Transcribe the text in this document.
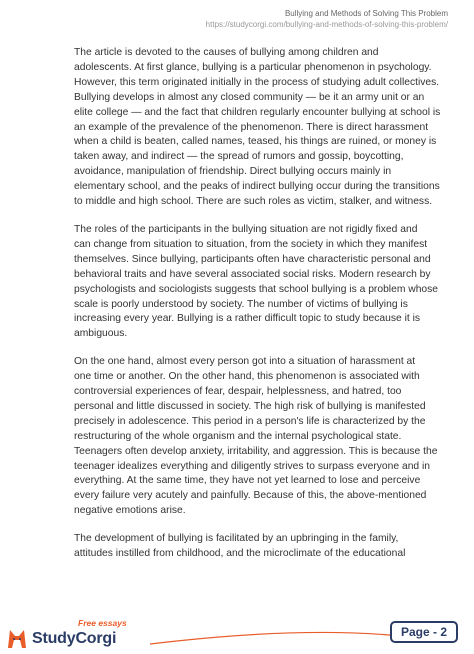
Bullying and Methods of Solving This Problem
https://studycorgi.com/bullying-and-methods-of-solving-this-problem/

The article is devoted to the causes of bullying among children and
adolescents. At first glance, bullying is a particular phenomenon in psychology.
However, this term originated initially in the process of studying adult collectives.
Bullying develops in almost any closed community — be it an army unit or an
elite college — and the fact that children regularly encounter bullying at school is
an example of the prevalence of the phenomenon. There is direct harassment
when a child is beaten, called names, teased, his things are ruined, or money is
taken away, and indirect — the spread of rumors and gossip, boycotting,
avoidance, manipulation of friendship. Direct bullying occurs mainly in
elementary school, and the peaks of indirect bullying occur during the transitions
to middle and high school. There are such roles as victim, stalker, and witness.

The roles of the participants in the bullying situation are not rigidly fixed and
can change from situation to situation, from the society in which they manifest
themselves. Since bullying, participants often have characteristic personal and
behavioral traits and have several associated social risks. Modern research by
psychologists and sociologists suggests that school bullying is a problem whose
scale is poorly understood by society. The number of victims of bullying is
increasing every year. Bullying is a rather difficult topic to study because it is
ambiguous.

On the one hand, almost every person got into a situation of harassment at
one time or another. On the other hand, this phenomenon is associated with
controversial experiences of fear, despair, helplessness, and hatred, too
personal and little discussed in society. The high risk of bullying is manifested
precisely in adolescence. This period in a person's life is characterized by the
restructuring of the whole organism and the internal psychological state.
Teenagers often develop anxiety, irritability, and aggression. This is because the
teenager idealizes everything and diligently strives to surpass everyone and in
everything. At the same time, they have not yet learned to lose and perceive
every failure very acutely and painfully. Because of this, the above-mentioned
negative emotions arise.

The development of bullying is facilitated by an upbringing in the family,
attitudes instilled from childhood, and the microclimate of the educational

Free essays
StudyCorgi	Page - 2
